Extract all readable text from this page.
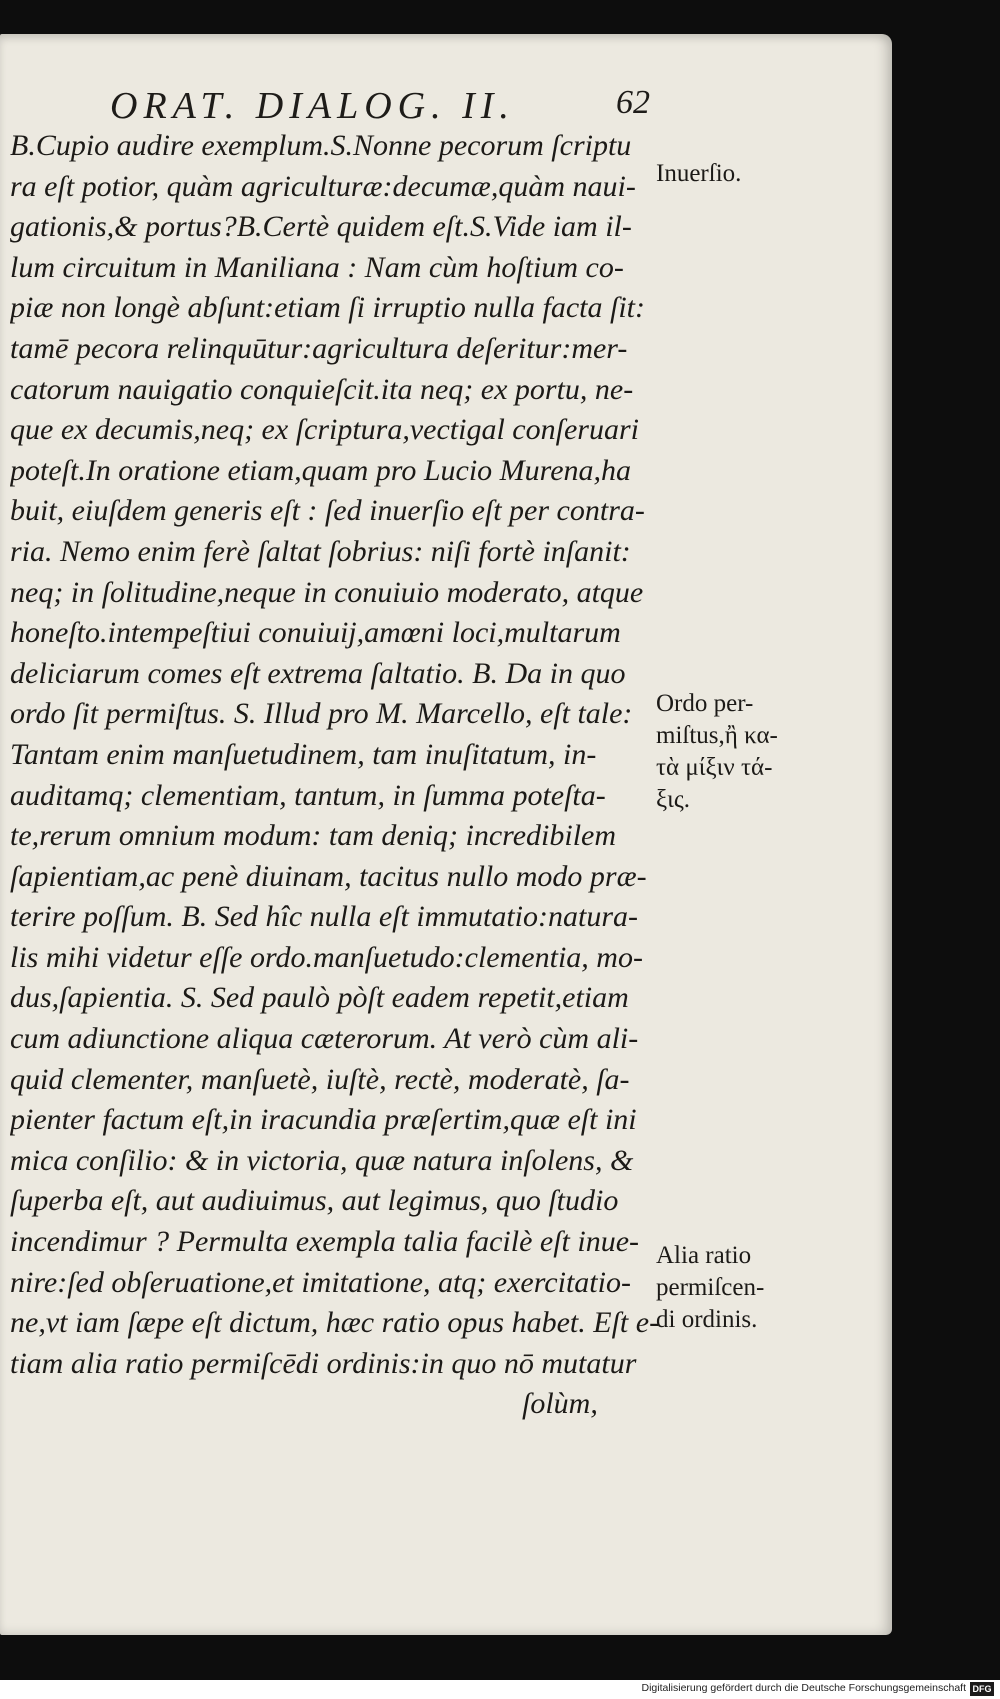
ORAT. DIALOG. II.	62
B.Cupio audire exemplum.S.Nonne pecorum ſcriptu
ra eſt potior, quàm agriculturæ:decumæ,quàm naui-
gationis,& portus?B.Certè quidem eſt.S.Vide iam il-
lum circuitum in Maniliana : Nam cùm hoſtium co-
piæ non longè abſunt:etiam ſi irruptio nulla facta ſit:
tamē pecora relinquūtur:agricultura deſeritur:mer-
catorum nauigatio conquieſcit.ita neq; ex portu, ne-
que ex decumis,neq; ex ſcriptura,vectigal conſeruari
poteſt.In oratione etiam,quam pro Lucio Murena,ha
buit, eiuſdem generis eſt : ſed inuerſio eſt per contra-
ria. Nemo enim ferè ſaltat ſobrius: niſi fortè inſanit:
neq; in ſolitudine,neque in conuiuio moderato, atque
honeſto.intempeſtiui conuiuij,amœni loci,multarum
deliciarum comes eſt extrema ſaltatio. B. Da in quo
ordo ſit permiſtus. S. Illud pro M. Marcello, eſt tale:
Tantam enim manſuetudinem, tam inuſitatum, in-
auditamq; clementiam, tantum, in ſumma poteſta-
te,rerum omnium modum: tam deniq; incredibilem
ſapientiam,ac penè diuinam, tacitus nullo modo præ-
terire poſſum. B. Sed hîc nulla eſt immutatio:natura-
lis mihi videtur eſſe ordo.manſuetudo:clementia, mo-
dus,ſapientia. S. Sed paulò pòſt eadem repetit,etiam
cum adiunctione aliqua cæterorum. At verò cùm ali-
quid clementer, manſuetè, iuſtè, rectè, moderatè, ſa-
pienter factum eſt,in iracundia præſertim,quæ eſt ini
mica conſilio: & in victoria, quæ natura inſolens, &
ſuperba eſt, aut audiuimus, aut legimus, quo ſtudio
incendimur ? Permulta exempla talia facilè eſt inue-
nire:ſed obſeruatione,et imitatione, atq; exercitatio-
ne,vt iam ſæpe eſt dictum, hæc ratio opus habet. Eſt e-
tiam alia ratio permiſcēdi ordinis:in quo nō mutatur
ſolùm,
Inuerſio.
Ordo per-
miſtus,ἢ κα-
τὰ μίξιν τά-
ξις.
Alia ratio
permiſcen-
di ordinis.
Digitalisierung gefördert durch die Deutsche Forschungsgemeinschaft DFG
